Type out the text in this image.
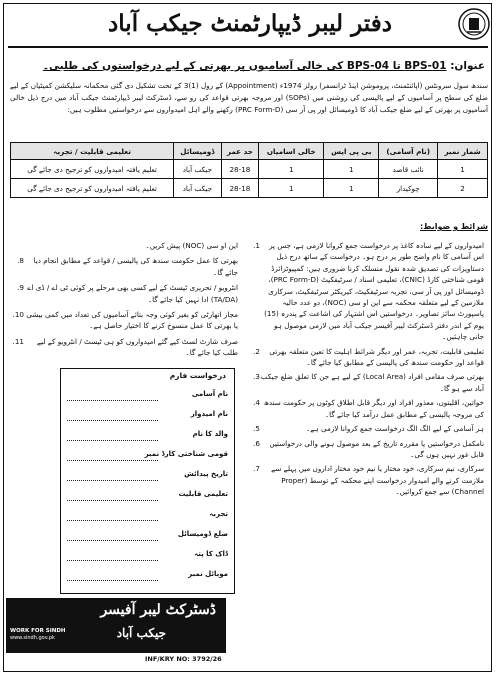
دفتر لیبر ڈیپارٹمنٹ جیکب آباد
عنوان: BPS-01 تا BPS-04 کی خالی آسامیوں پر بھرتی کے لیے درخواستوں کی طلبی۔
سندھ سول سرونٹس (اپائنٹمنٹ، پروموشن اینڈ ٹرانسفر) رولز 1974ء (Appointment) کے رول (1)3 کے تحت تشکیل دی گئی محکمانہ سلیکشن کمیٹیاں کے لیے ضلع کی سطح پر آسامیوں کے لیے پالیسی کی روشنی میں (SOPs) اور مروجہ بھرتی قواعد کی رو سے، ڈسٹرکٹ لیبر ڈیپارٹمنٹ جیکب آباد میں درج ذیل خالی آسامیوں پر بھرتی کے لیے ضلع جیکب آباد کا ڈومیسائل اور پی آر سی (PRC Form-D) رکھنے والے اہل امیدواروں سے درخواستیں مطلوب ہیں:
شمار نمبر	(نام آسامی)	بی پی ایس	خالی اسامیاں	حد عمر	ڈومیسائل	تعلیمی قابلیت / تجربہ
1	نائب قاصد	1	1	28-18	جیکب آباد	تعلیم یافتہ امیدواروں کو ترجیح دی جائے گی
2	چوکیدار	1	1	28-18	جیکب آباد	تعلیم یافتہ امیدواروں کو ترجیح دی جائے گی
شرائط و ضوابط:
1.	امیدواروں کے لیے سادہ کاغذ پر درخواست جمع کروانا لازمی ہے، جس پر اس آسامی کا نام واضح طور پر درج ہو۔ درخواست کے ساتھ درج ذیل دستاویزات کی تصدیق شدہ نقول منسلک کرنا ضروری ہیں: کمپیوٹرائزڈ قومی شناختی کارڈ (CNIC)، تعلیمی اسناد / سرٹیفکیٹ (PRC Form-D)، ڈومیسائل اور پی آر سی، تجربہ سرٹیفکیٹ، کیریکٹر سرٹیفکیٹ، سرکاری ملازمین کے لیے متعلقہ محکمہ سے این او سی (NOC)، دو عدد حالیہ پاسپورٹ سائز تصاویر۔ درخواستیں اس اشتہار کی اشاعت کے پندرہ (15) یوم کے اندر دفتر ڈسٹرکٹ لیبر آفیسر جیکب آباد میں لازمی موصول ہو جانی چاہئیں۔
2.	تعلیمی قابلیت، تجربہ، عمر اور دیگر شرائط اہلیت کا تعین متعلقہ بھرتی قواعد اور حکومت سندھ کی پالیسی کے مطابق کیا جائے گا۔
3. بھرتی صرف مقامی افراد (Local Area) کے لیے ہے جن کا تعلق ضلع جیکب آباد سے ہو گا۔
4. خواتین، اقلیتوں، معذور افراد اور دیگر قابل اطلاق کوٹوں پر حکومت سندھ کی مروجہ پالیسی کے مطابق عمل درآمد کیا جائے گا۔
5.	ہر آسامی کے لیے الگ الگ درخواست جمع کروانا لازمی ہے۔
6.	نامکمل درخواستیں یا مقررہ تاریخ کے بعد موصول ہونے والی درخواستیں قابل غور نہیں ہوں گی۔
7.	سرکاری، نیم سرکاری، خود مختار یا نیم خود مختار اداروں میں پہلے سے ملازمت کرنے والے امیدوار درخواست اپنے محکمہ کے توسط (Proper Channel) سے جمع کروائیں۔
این او سی (NOC) پیش کریں۔
8.	بھرتی کا عمل حکومت سندھ کی پالیسی / قواعد کے مطابق انجام دیا جائے گا۔
9. انٹرویو / تحریری ٹیسٹ کے لیے کسی بھی مرحلے پر کوئی ٹی اے / ڈی اے (TA/DA) ادا نہیں کیا جائے گا۔
10. مجاز اتھارٹی کو بغیر کوئی وجہ بتائے آسامیوں کی تعداد میں کمی بیشی یا بھرتی کا عمل منسوخ کرنے کا اختیار حاصل ہے۔
11.	صرف شارٹ لسٹ کیے گئے امیدواروں کو ہی ٹیسٹ / انٹرویو کے لیے طلب کیا جائے گا۔
درخواست فارم
نام آسامی
نام امیدوار
والد کا نام
قومی شناختی کارڈ نمبر
تاریخ پیدائش
تعلیمی قابلیت
تجربہ
ضلع ڈومیسائل
ڈاک کا پتہ
موبائل نمبر
ڈسٹرکٹ لیبر آفیسر
جیکب آباد
WORK FOR SINDH
www.sindh.gov.pk
INF/KRY NO: 3792/26
